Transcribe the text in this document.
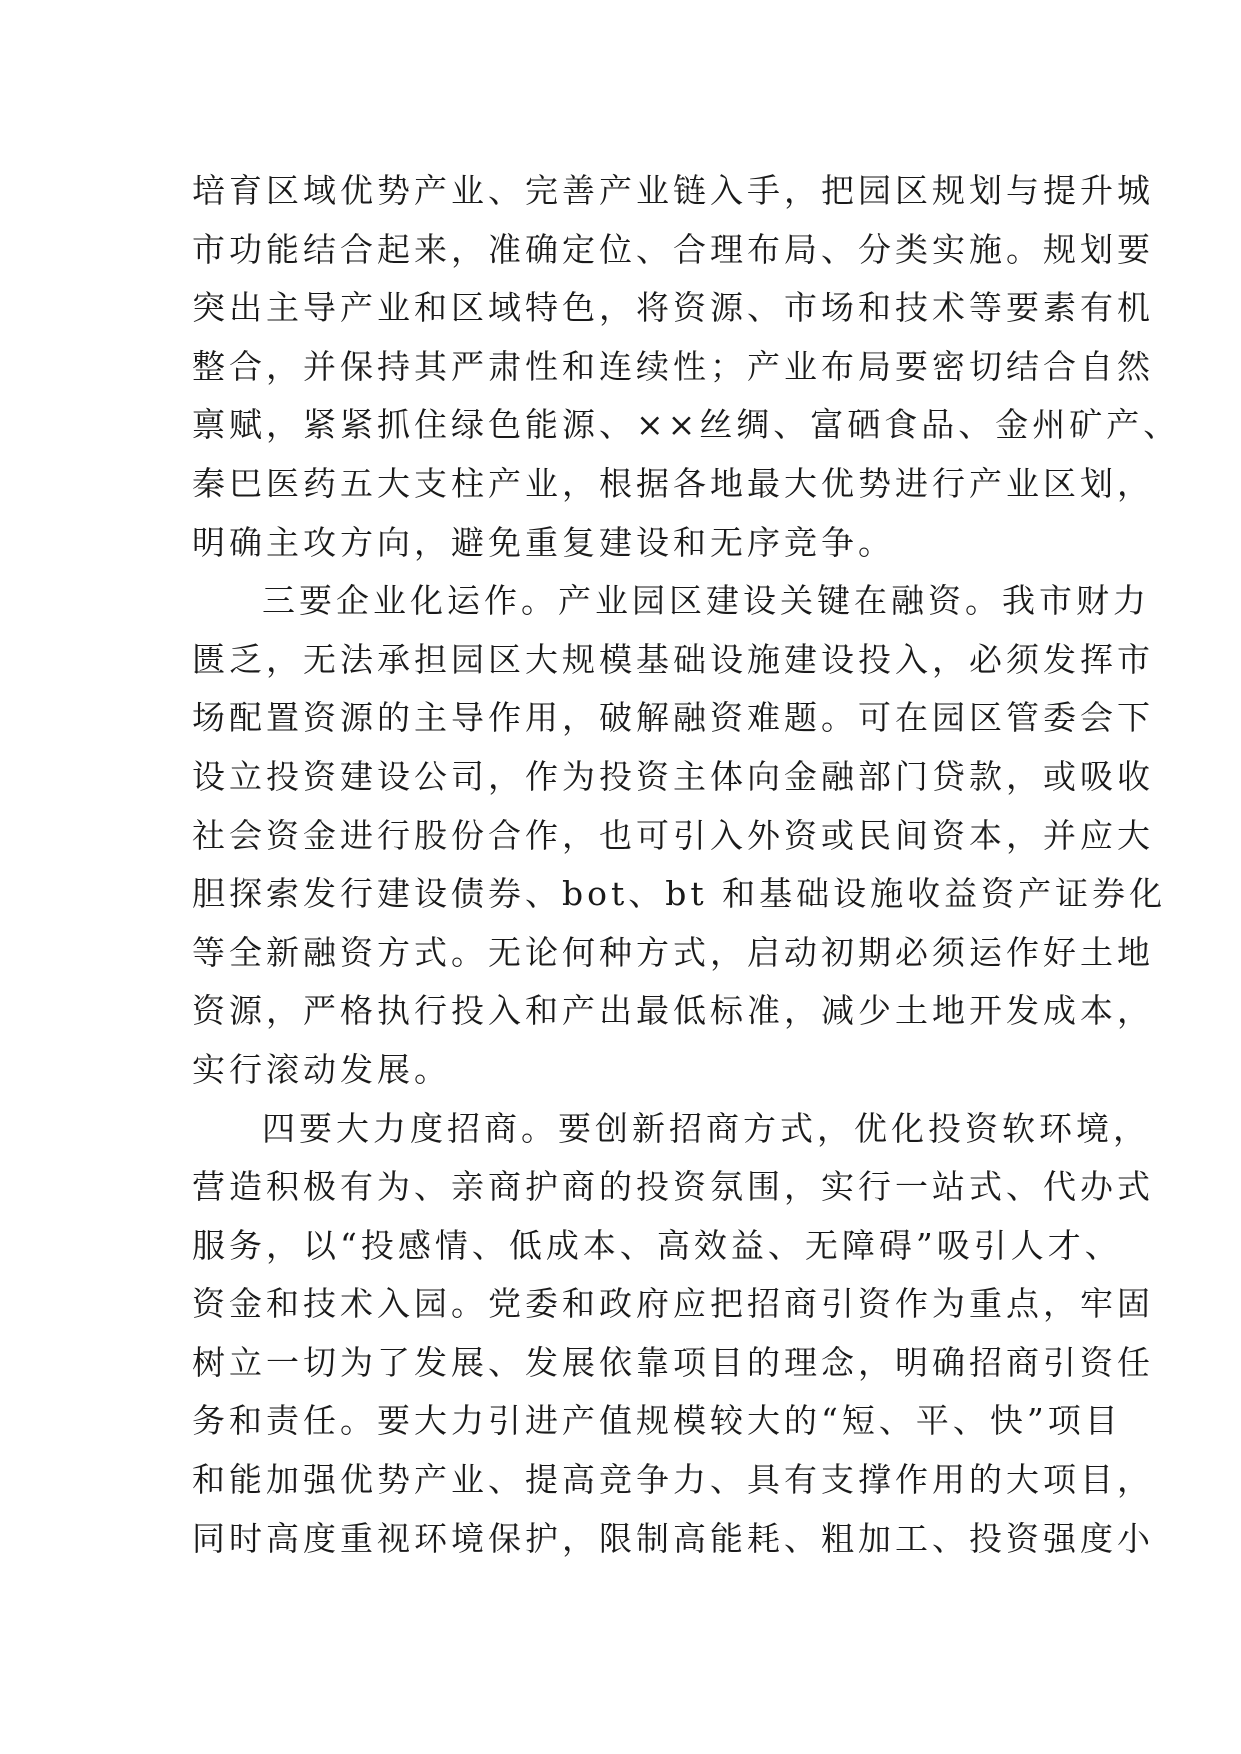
培育区域优势产业、完善产业链入手，把园区规划与提升城
市功能结合起来，准确定位、合理布局、分类实施。规划要
突出主导产业和区域特色，将资源、市场和技术等要素有机
整合，并保持其严肃性和连续性；产业布局要密切结合自然
禀赋，紧紧抓住绿色能源、××丝绸、富硒食品、金州矿产、
秦巴医药五大支柱产业，根据各地最大优势进行产业区划，
明确主攻方向，避免重复建设和无序竞争。
三要企业化运作。产业园区建设关键在融资。我市财力
匮乏，无法承担园区大规模基础设施建设投入，必须发挥市
场配置资源的主导作用，破解融资难题。可在园区管委会下
设立投资建设公司，作为投资主体向金融部门贷款，或吸收
社会资金进行股份合作，也可引入外资或民间资本，并应大
胆探索发行建设债券、bot、bt 和基础设施收益资产证券化
等全新融资方式。无论何种方式，启动初期必须运作好土地
资源，严格执行投入和产出最低标准，减少土地开发成本，
实行滚动发展。
四要大力度招商。要创新招商方式，优化投资软环境，
营造积极有为、亲商护商的投资氛围，实行一站式、代办式
服务，以“投感情、低成本、高效益、无障碍”吸引人才、
资金和技术入园。党委和政府应把招商引资作为重点，牢固
树立一切为了发展、发展依靠项目的理念，明确招商引资任
务和责任。要大力引进产值规模较大的“短、平、快”项目
和能加强优势产业、提高竞争力、具有支撑作用的大项目，
同时高度重视环境保护，限制高能耗、粗加工、投资强度小
